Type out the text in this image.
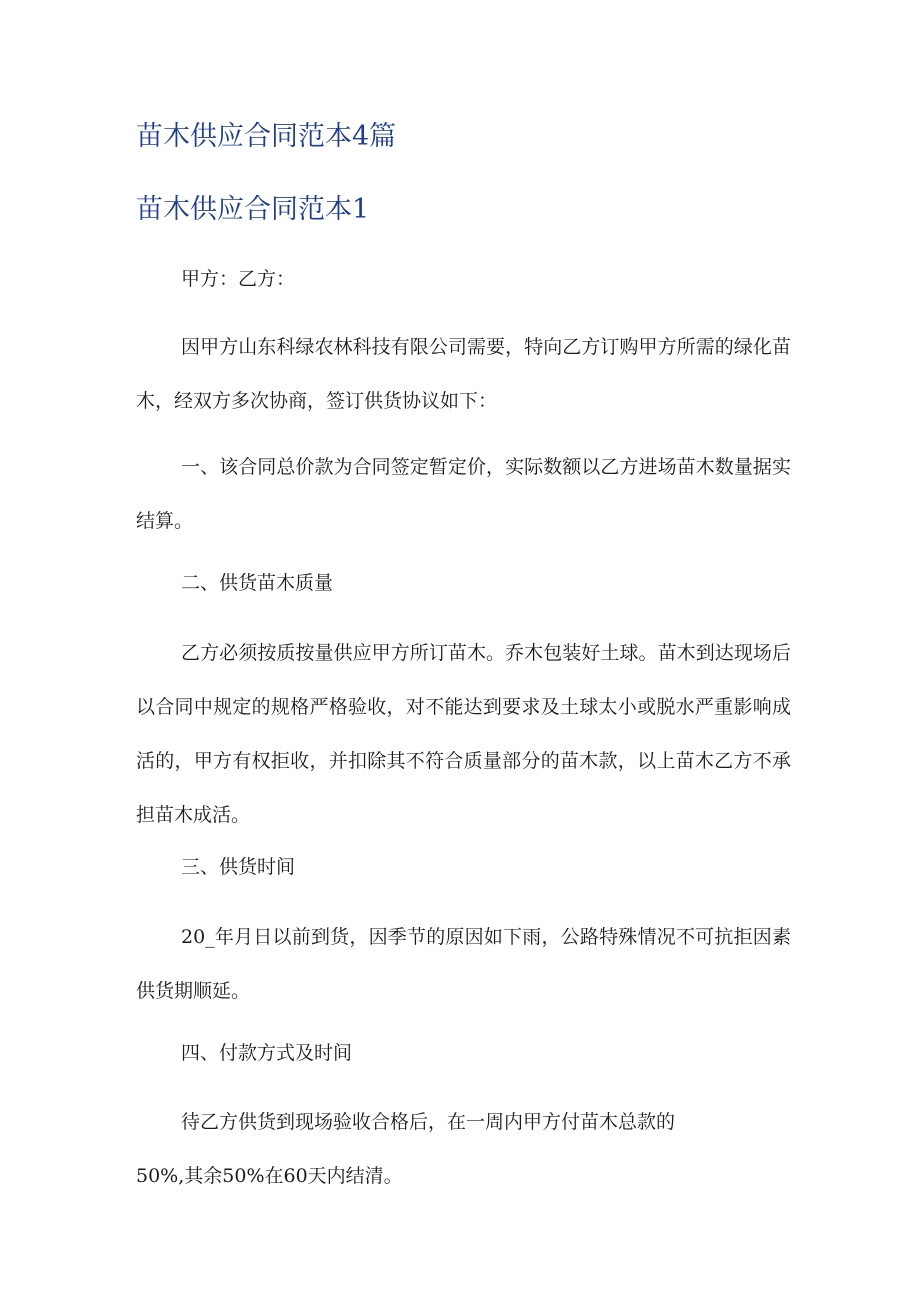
苗木供应合同范本4篇
苗木供应合同范本1

甲方：乙方：

因甲方山东科绿农林科技有限公司需要，特向乙方订购甲方所需的绿化苗木，经双方多次协商，签订供货协议如下：

一、该合同总价款为合同签定暂定价，实际数额以乙方进场苗木数量据实结算。

二、供货苗木质量

乙方必须按质按量供应甲方所订苗木。乔木包装好土球。苗木到达现场后以合同中规定的规格严格验收，对不能达到要求及土球太小或脱水严重影响成活的，甲方有权拒收，并扣除其不符合质量部分的苗木款，以上苗木乙方不承担苗木成活。

三、供货时间

20_年月日以前到货，因季节的原因如下雨，公路特殊情况不可抗拒因素供货期顺延。

四、付款方式及时间

待乙方供货到现场验收合格后，在一周内甲方付苗木总款的

50%,其余50%在60天内结清。
